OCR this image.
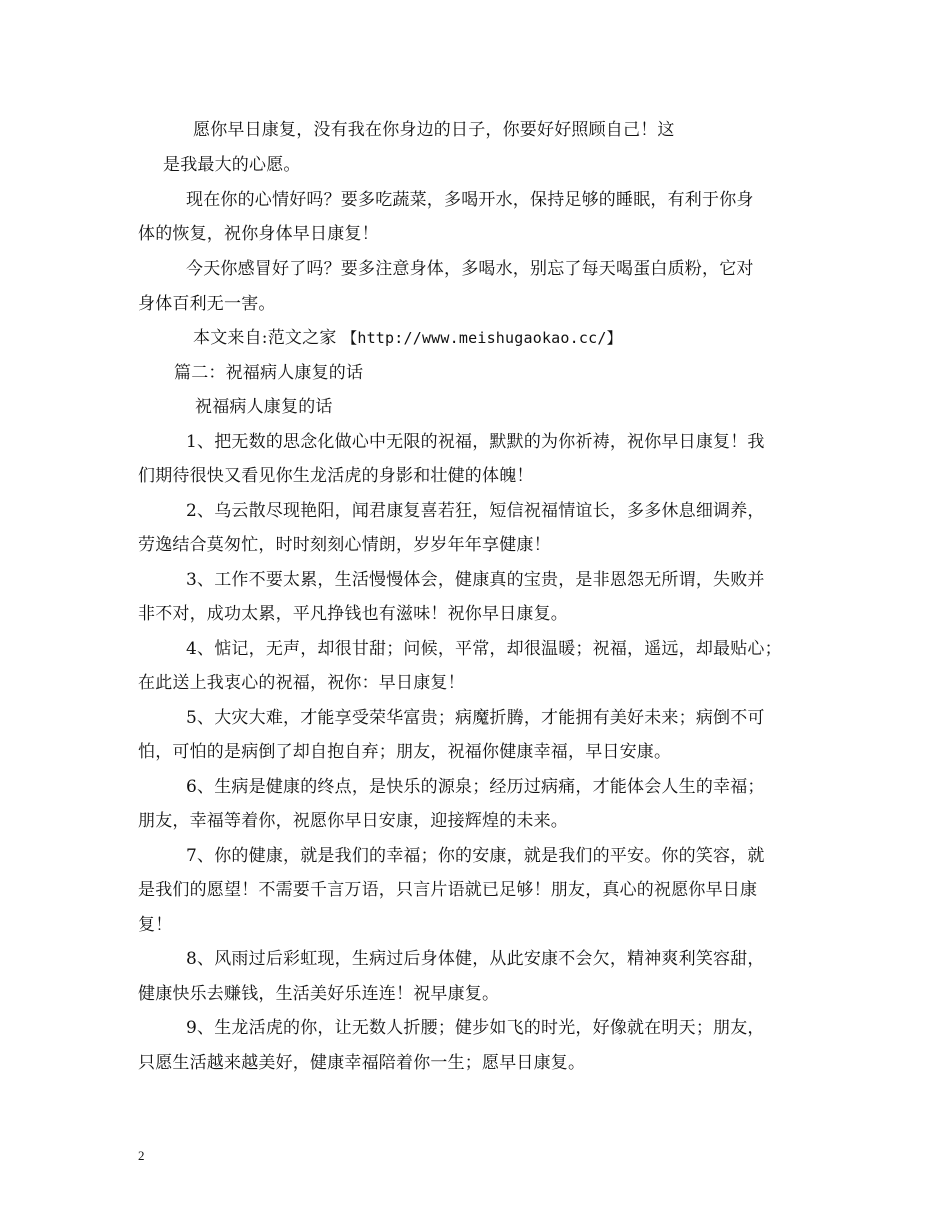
愿你早日康复，没有我在你身边的日子，你要好好照顾自己！这
是我最大的心愿。
现在你的心情好吗？要多吃蔬菜，多喝开水，保持足够的睡眠，有利于你身
体的恢复，祝你身体早日康复！
今天你感冒好了吗？要多注意身体，多喝水，别忘了每天喝蛋白质粉，它对
身体百利无一害。
本文来自:范文之家 【http://www.meishugaokao.cc/】
篇二：祝福病人康复的话
祝福病人康复的话
1、把无数的思念化做心中无限的祝福，默默的为你祈祷，祝你早日康复！我
们期待很快又看见你生龙活虎的身影和壮健的体魄！
2、乌云散尽现艳阳，闻君康复喜若狂，短信祝福情谊长，多多休息细调养，
劳逸结合莫匆忙，时时刻刻心情朗，岁岁年年享健康！
3、工作不要太累，生活慢慢体会，健康真的宝贵，是非恩怨无所谓，失败并
非不对，成功太累，平凡挣钱也有滋味！祝你早日康复。
4、惦记，无声，却很甘甜；问候，平常，却很温暖；祝福，遥远，却最贴心；
在此送上我衷心的祝福，祝你：早日康复！
5、大灾大难，才能享受荣华富贵；病魔折腾，才能拥有美好未来；病倒不可
怕，可怕的是病倒了却自抱自弃；朋友，祝福你健康幸福，早日安康。
6、生病是健康的终点，是快乐的源泉；经历过病痛，才能体会人生的幸福；
朋友，幸福等着你，祝愿你早日安康，迎接辉煌的未来。
7、你的健康，就是我们的幸福；你的安康，就是我们的平安。你的笑容，就
是我们的愿望！不需要千言万语，只言片语就已足够！朋友，真心的祝愿你早日康
复！
8、风雨过后彩虹现，生病过后身体健，从此安康不会欠，精神爽利笑容甜，
健康快乐去赚钱，生活美好乐连连！祝早康复。
9、生龙活虎的你，让无数人折腰；健步如飞的时光，好像就在明天；朋友，
只愿生活越来越美好，健康幸福陪着你一生；愿早日康复。
2
